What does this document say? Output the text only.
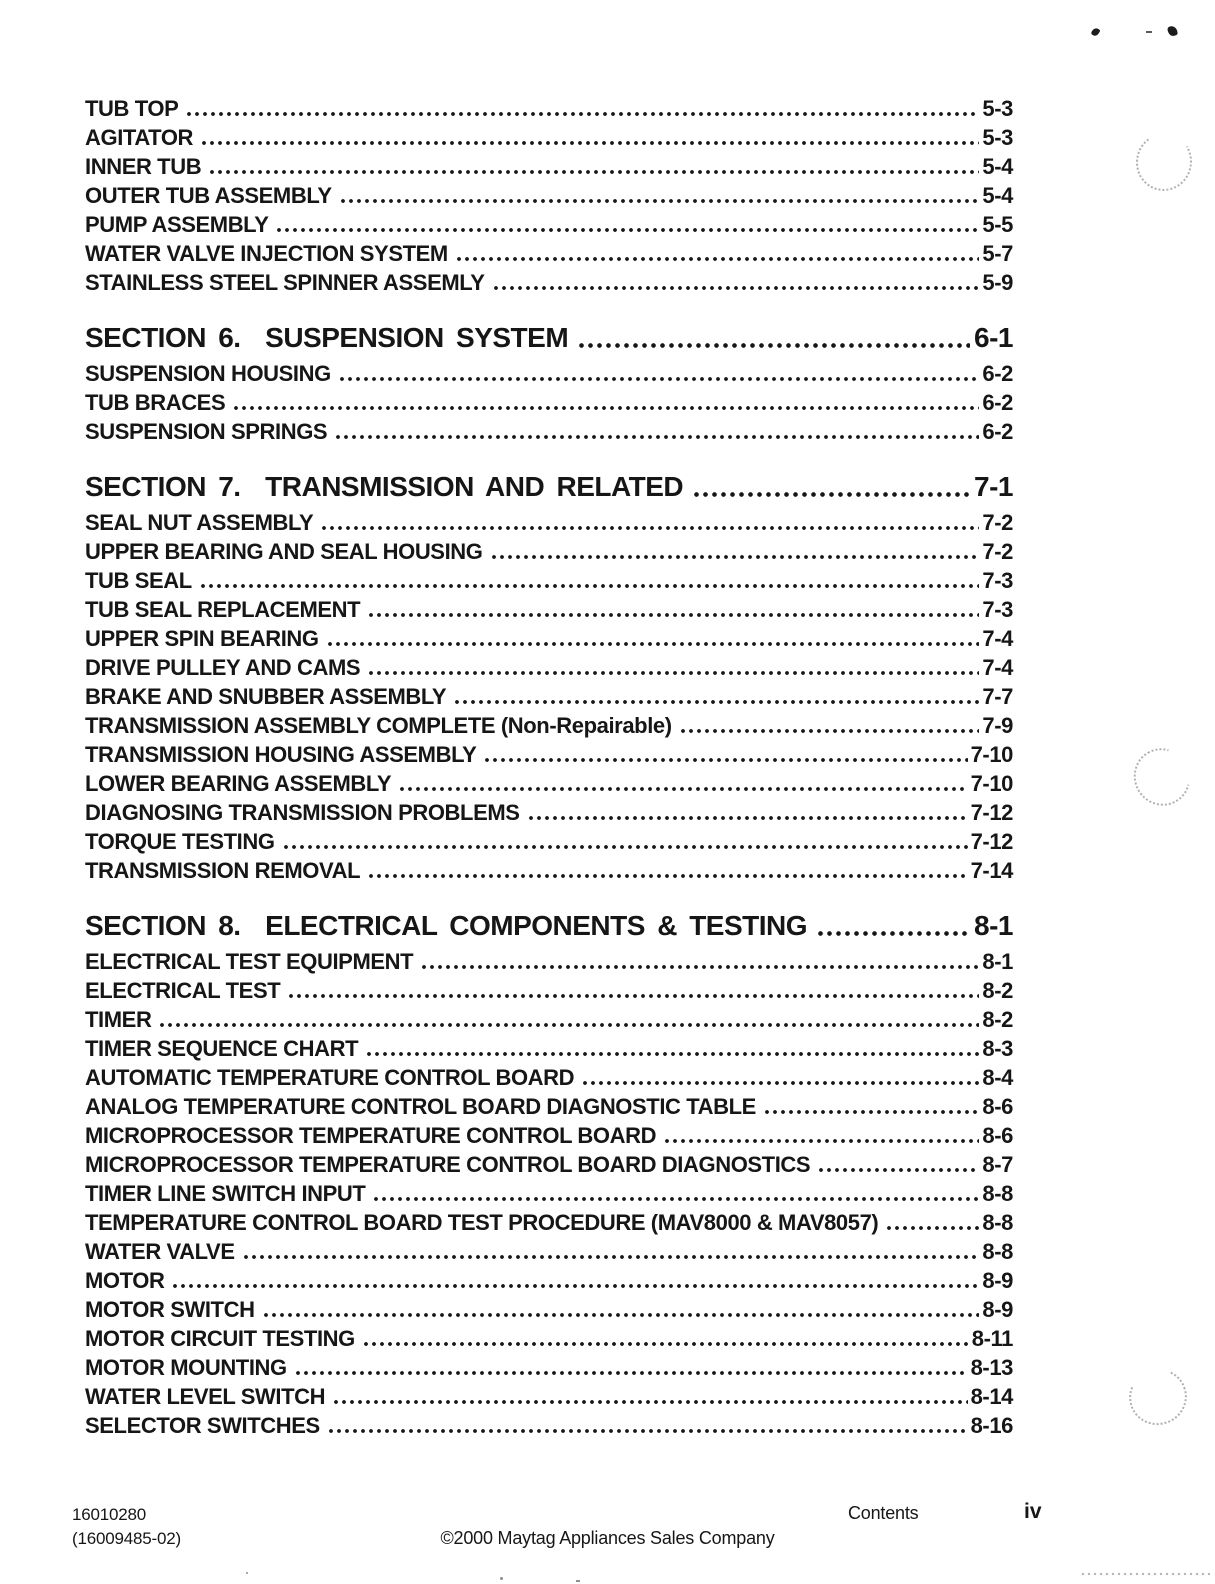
TUB TOP	5-3
AGITATOR	5-3
INNER TUB	5-4
OUTER TUB ASSEMBLY	5-4
PUMP ASSEMBLY	5-5
WATER VALVE INJECTION SYSTEM	5-7
STAINLESS STEEL SPINNER ASSEMLY	5-9
SECTION 6.  SUSPENSION SYSTEM	6-1
SUSPENSION HOUSING	6-2
TUB BRACES	6-2
SUSPENSION SPRINGS	6-2
SECTION 7.  TRANSMISSION AND RELATED	7-1
SEAL NUT ASSEMBLY	7-2
UPPER BEARING AND SEAL HOUSING	7-2
TUB SEAL	7-3
TUB SEAL REPLACEMENT	7-3
UPPER SPIN BEARING	7-4
DRIVE PULLEY AND CAMS	7-4
BRAKE AND SNUBBER ASSEMBLY	7-7
TRANSMISSION ASSEMBLY COMPLETE (Non-Repairable)	7-9
TRANSMISSION HOUSING ASSEMBLY	7-10
LOWER BEARING ASSEMBLY	7-10
DIAGNOSING TRANSMISSION PROBLEMS	7-12
TORQUE TESTING	7-12
TRANSMISSION REMOVAL	7-14
SECTION 8.  ELECTRICAL COMPONENTS & TESTING	8-1
ELECTRICAL TEST EQUIPMENT	8-1
ELECTRICAL TEST	8-2
TIMER	8-2
TIMER SEQUENCE CHART	8-3
AUTOMATIC TEMPERATURE CONTROL BOARD	8-4
ANALOG TEMPERATURE CONTROL BOARD DIAGNOSTIC TABLE	8-6
MICROPROCESSOR TEMPERATURE CONTROL BOARD	8-6
MICROPROCESSOR TEMPERATURE CONTROL BOARD DIAGNOSTICS	8-7
TIMER LINE SWITCH INPUT	8-8
TEMPERATURE CONTROL BOARD TEST PROCEDURE (MAV8000 & MAV8057)	8-8
WATER VALVE	8-8
MOTOR	8-9
MOTOR SWITCH	8-9
MOTOR CIRCUIT TESTING	8-11
MOTOR MOUNTING	8-13
WATER LEVEL SWITCH	8-14
SELECTOR SWITCHES	8-16
16010280
(16009485-02)	©2000 Maytag Appliances Sales Company
Contents	iv
